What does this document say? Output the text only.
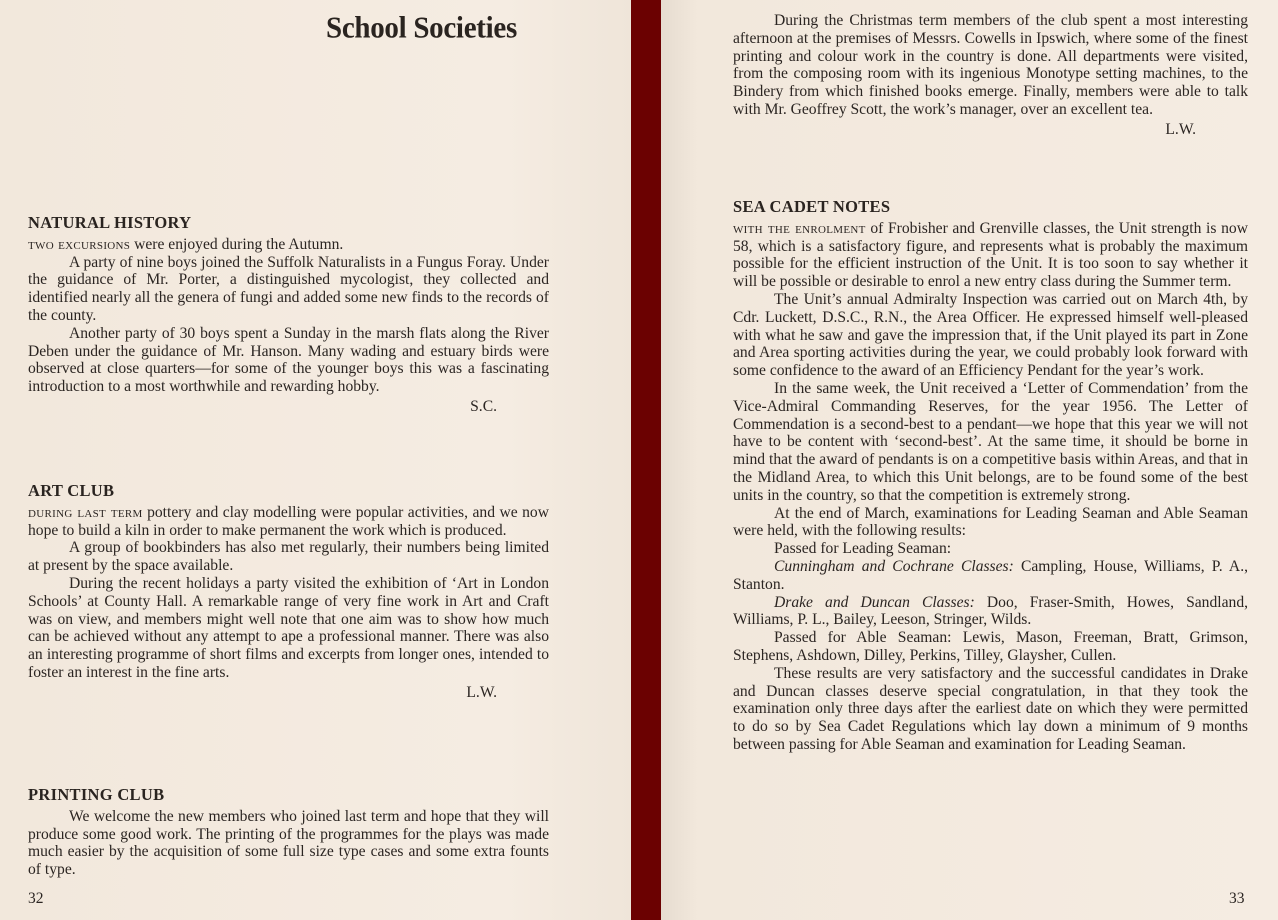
School Societies
NATURAL HISTORY

two excursions were enjoyed during the Autumn.

A party of nine boys joined the Suffolk Naturalists in a Fungus Foray. Under the guidance of Mr. Porter, a distinguished mycologist, they collected and identified nearly all the genera of fungi and added some new finds to the records of the county.

Another party of 30 boys spent a Sunday in the marsh flats along the River Deben under the guidance of Mr. Hanson. Many wading and estuary birds were observed at close quarters—for some of the younger boys this was a fascinating introduction to a most worthwhile and rewarding hobby.

S.C.

ART CLUB

during last term pottery and clay modelling were popular activities, and we now hope to build a kiln in order to make permanent the work which is produced.

A group of bookbinders has also met regularly, their numbers being limited at present by the space available.

During the recent holidays a party visited the exhibition of ‘Art in London Schools’ at County Hall. A remarkable range of very fine work in Art and Craft was on view, and members might well note that one aim was to show how much can be achieved without any attempt to ape a professional manner. There was also an interesting programme of short films and excerpts from longer ones, intended to foster an interest in the fine arts.

L.W.

PRINTING CLUB

We welcome the new members who joined last term and hope that they will produce some good work. The printing of the programmes for the plays was made much easier by the acquisition of some full size type cases and some extra founts of type.

32

During the Christmas term members of the club spent a most interesting afternoon at the premises of Messrs. Cowells in Ipswich, where some of the finest printing and colour work in the country is done. All departments were visited, from the composing room with its ingenious Monotype setting machines, to the Bindery from which finished books emerge. Finally, members were able to talk with Mr. Geoffrey Scott, the work’s manager, over an excellent tea.

L.W.

SEA CADET NOTES

with the enrolment of Frobisher and Grenville classes, the Unit strength is now 58, which is a satisfactory figure, and represents what is probably the maximum possible for the efficient instruction of the Unit. It is too soon to say whether it will be possible or desirable to enrol a new entry class during the Summer term.

The Unit’s annual Admiralty Inspection was carried out on March 4th, by Cdr. Luckett, D.S.C., R.N., the Area Officer. He expressed himself well-pleased with what he saw and gave the impression that, if the Unit played its part in Zone and Area sporting activities during the year, we could probably look forward with some confidence to the award of an Efficiency Pendant for the year’s work.

In the same week, the Unit received a ‘Letter of Commendation’ from the Vice-Admiral Commanding Reserves, for the year 1956. The Letter of Commendation is a second-best to a pendant—we hope that this year we will not have to be content with ‘second-best’. At the same time, it should be borne in mind that the award of pendants is on a competitive basis within Areas, and that in the Midland Area, to which this Unit belongs, are to be found some of the best units in the country, so that the competition is extremely strong.

At the end of March, examinations for Leading Seaman and Able Seaman were held, with the following results:

Passed for Leading Seaman:

Cunningham and Cochrane Classes: Campling, House, Williams, P. A., Stanton.

Drake and Duncan Classes: Doo, Fraser-Smith, Howes, Sandland, Williams, P. L., Bailey, Leeson, Stringer, Wilds.

Passed for Able Seaman: Lewis, Mason, Freeman, Bratt, Grimson, Stephens, Ashdown, Dilley, Perkins, Tilley, Glaysher, Cullen.

These results are very satisfactory and the successful candidates in Drake and Duncan classes deserve special congratulation, in that they took the examination only three days after the earliest date on which they were permitted to do so by Sea Cadet Regulations which lay down a minimum of 9 months between passing for Able Seaman and examination for Leading Seaman.

33
